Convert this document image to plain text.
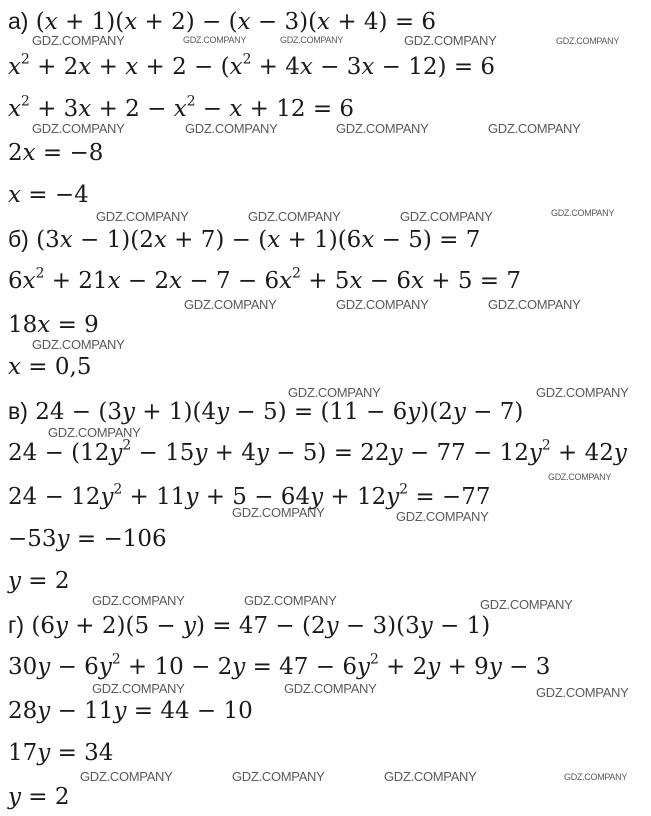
а) (x + 1)(x + 2) − (x − 3)(x + 4) = 6
$x^2 + 2x + x + 2 - (x^2 + 4x - 3x - 12) = 6$
$x^2 + 3x + 2 - x^2 - x + 12 = 6$
2x = −8
x = −4
б) (3x − 1)(2x + 7) − (x + 1)(6x − 5) = 7
$6x^2 + 21x - 2x - 7 - 6x^2 + 5x - 6x + 5 = 7$
18x = 9
x = 0,5
в) 24 − (3y + 1)(4y − 5) = (11 − 6y)(2y − 7)
$24 - (12y^2 - 15y + 4y - 5) = 22y - 77 - 12y^2 + 42y$
$24 - 12y^2 + 11y + 5 - 64y + 12y^2 = -77$
−53y = −106
y = 2
г) (6y + 2)(5 − y) = 47 − (2y − 3)(3y − 1)
$30y - 6y^2 + 10 - 2y = 47 - 6y^2 + 2y + 9y - 3$
28y − 11y = 44 − 10
17y = 34
y = 2
GDZ.COMPANY	GDZ.COMPANY	GDZ.COMPANY	GDZ.COMPANY	GDZ.COMPANY
GDZ.COMPANY	GDZ.COMPANY	GDZ.COMPANY	GDZ.COMPANY
GDZ.COMPANY	GDZ.COMPANY	GDZ.COMPANY	GDZ.COMPANY
GDZ.COMPANY	GDZ.COMPANY	GDZ.COMPANY
GDZ.COMPANY
GDZ.COMPANY	GDZ.COMPANY
GDZ.COMPANY
GDZ.COMPANY
GDZ.COMPANY	GDZ.COMPANY
GDZ.COMPANY	GDZ.COMPANY	GDZ.COMPANY
GDZ.COMPANY	GDZ.COMPANY	GDZ.COMPANY
GDZ.COMPANY	GDZ.COMPANY	GDZ.COMPANY	GDZ.COMPANY
